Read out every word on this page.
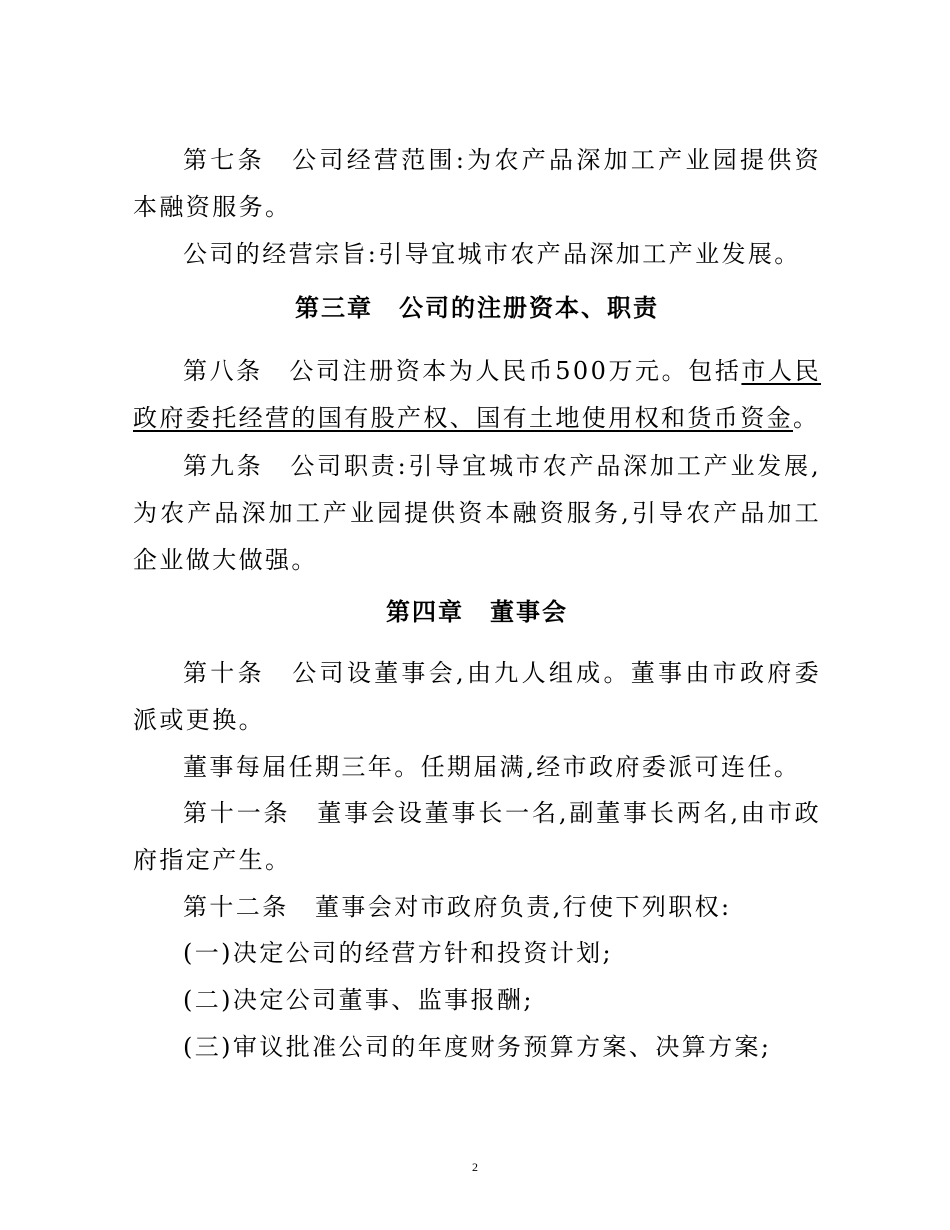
第七条　公司经营范围:为农产品深加工产业园提供资本融资服务。

公司的经营宗旨:引导宜城市农产品深加工产业发展。

第三章　公司的注册资本、职责

第八条　公司注册资本为人民币500万元。包括市人民政府委托经营的国有股产权、国有土地使用权和货币资金。

第九条　公司职责:引导宜城市农产品深加工产业发展,为农产品深加工产业园提供资本融资服务,引导农产品加工企业做大做强。

第四章　董事会

第十条　公司设董事会,由九人组成。董事由市政府委派或更换。

董事每届任期三年。任期届满,经市政府委派可连任。

第十一条　董事会设董事长一名,副董事长两名,由市政府指定产生。

第十二条　董事会对市政府负责,行使下列职权:

(一)决定公司的经营方针和投资计划;

(二)决定公司董事、监事报酬;

(三)审议批准公司的年度财务预算方案、决算方案;

2
